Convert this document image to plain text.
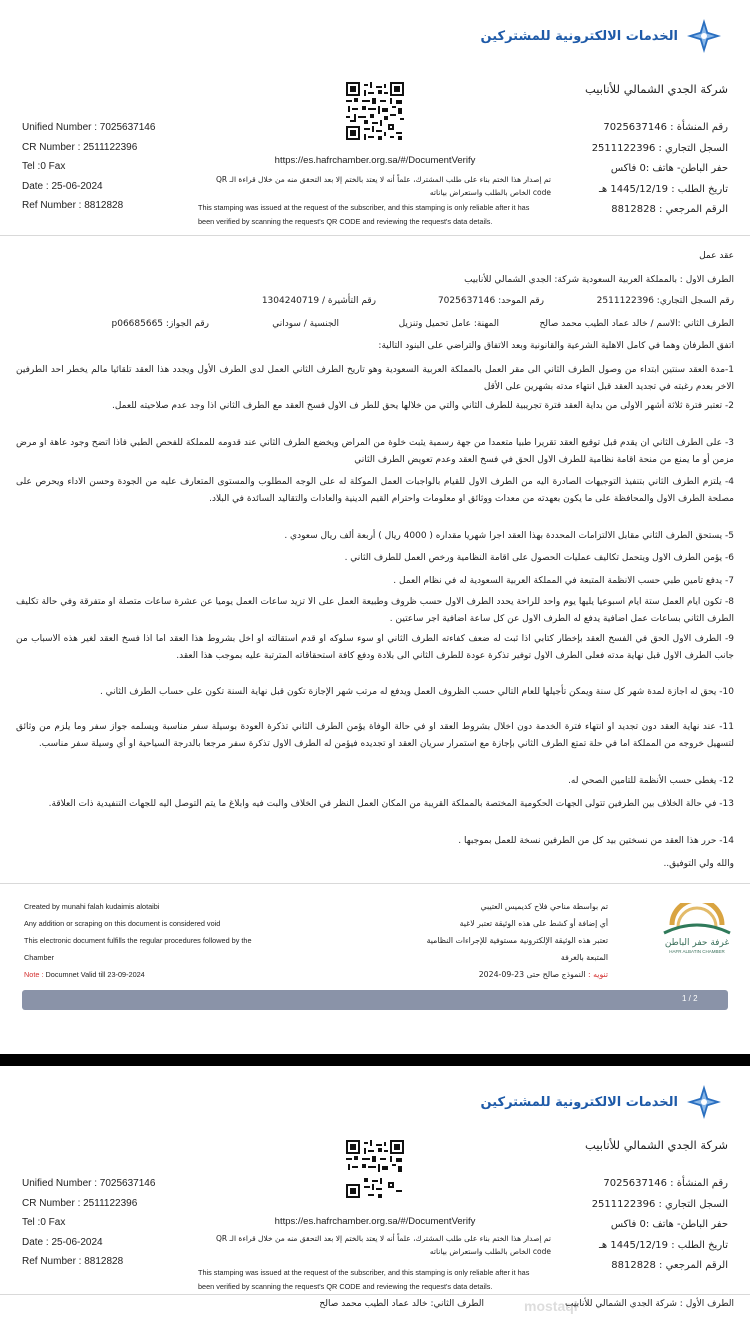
الخدمات الالكترونية للمشتركين
شركة الجدي الشمالي للأنابيب
Unified Number : 7025637146
CR Number : 2511122396
Tel :0 Fax
Date : 25-06-2024
Ref Number : 8812828
رقم المنشأة : 7025637146
السجل التجاري : 2511122396
حفر الباطن- هاتف :0 فاكس
تاريخ الطلب : 1445/12/19 هـ
الرقم المرجعي : 8812828
https://es.hafrchamber.org.sa/#/DocumentVerify
تم إصدار هذا الختم بناء على طلب المشترك، علماً أنه لا يعتد بالختم إلا بعد التحقق منه من خلال قراءة الـ QR
code الخاص بالطلب واستعراض بياناته
This stamping was issued at the request of the subscriber, and this stamping is only reliable after it has
been verified by scanning the request's QR CODE and reviewing the request's data details.
عقد عمل
الطرف الاول : بالمملكة العربية السعودية شركة: الجدي الشمالي للأنابيب
رقم السجل التجاري: 2511122396
رقم الموحد: 7025637146
رقم التأشيرة / 1304240719
الطرف الثاني :الاسم / خالد عماد الطيب محمد صالح
المهنة: عامل تحميل وتنزيل
الجنسية / سوداني
رقم الجواز: p06685665
اتفق الطرفان وهما في كامل الاهلية الشرعية والقانونية وبعد الاتفاق والتراضي على البنود التالية:
1-مدة العقد سنتين ابتداء من وصول الطرف الثاني الى مقر العمل بالمملكة العربية السعودية وهو تاريخ الطرف الثاني العمل لدى الطرف الأول ويجدد هذا العقد تلقائيا مالم يخطر احد الطرفين الاخر بعدم رغبته في تجديد العقد قبل انتهاء مدته بشهرين على الأقل
2- تعتبر فترة ثلاثة أشهر الاولى من بداية العقد فترة تجريبية للطرف الثاني والتي من خلالها يحق للطر ف الاول فسخ العقد مع الطرف الثاني اذا وجد عدم صلاحيته للعمل.
3- على الطرف الثاني ان يقدم قبل توقيع العقد تقريرا طبيا متعمدا من جهة رسمية يثبت خلوة من المراض ويخضع الطرف الثاني عند قدومه للمملكة للفحص الطبي فاذا اتضح وجود عاهة او مرض مزمن أو ما يمنع من منحة اقامة نظامية للطرف الاول الحق في فسخ العقد وعدم تعويض الطرف الثاني
4- يلتزم الطرف الثاني بتنفيذ التوجيهات الصادرة اليه من الطرف الاول للقيام بالواجبات العمل الموكلة له على الوجه المطلوب والمستوى المتعارف عليه من الجودة وحسن الاداء ويحرص على مصلحة الطرف الاول والمحافظة على ما يكون بعهدته من معدات ووثائق او معلومات واحترام القيم الدينية والعادات والتقاليد السائدة في البلاد.
5- يستحق الطرف الثاني مقابل الالتزامات المحددة بهذا العقد اجرا شهريا مقداره ( 4000 ريال ) أربعة ألف ريال سعودي .
6- يؤمن الطرف الاول ويتحمل تكاليف عمليات الحصول على اقامة النظامية ورخص العمل للطرف الثاني .
7- يدفع تامين طبي حسب الانظمة المتبعة في المملكة العربية السعودية له في نظام العمل .
8- تكون ايام العمل ستة ايام اسبوعيا يليها يوم واحد للراحة يحدد الطرف الاول حسب ظروف وطبيعة العمل على الا تزيد ساعات العمل يوميا عن عشرة ساعات متصلة او متفرقة وفي حالة تكليف الطرف الثاني بساعات عمل اضافية يدفع له الطرف الاول عن كل ساعة اضافية اجر ساعتين .
9- الطرف الاول الحق في الفسخ العقد بإخطار كتابي اذا ثبت له ضعف كفاءته الطرف الثاني او سوء سلوكه او قدم استقالته او اخل بشروط هذا العقد اما اذا فسخ العقد لغير هذه الاسباب من جانب الطرف الاول قبل نهاية مدته فعلى الطرف الاول توفير تذكرة عودة للطرف الثاني الى بلادة ودفع كافة استحقاقاته المترتبة عليه بموجب هذا العقد.
10- يحق له اجازة لمدة شهر كل سنة ويمكن تأجيلها للعام التالي حسب الظروف العمل ويدفع له مرتب شهر الإجازة تكون قبل نهاية السنة تكون على حساب الطرف الثاني .
11- عند نهاية العقد دون تجديد او انتهاء فترة الخدمة دون اخلال بشروط العقد او في حالة الوفاة يؤمن الطرف الثاني تذكرة العودة بوسيلة سفر مناسبة ويسلمه جواز سفر وما يلزم من وثائق لتسهيل خروجه من المملكة اما في حلة تمتع الطرف الثاني بإجازة مع استمرار سريان العقد او تجديده فيؤمن له الطرف الاول تذكرة سفر مرجعا بالدرجة السياحية او أي وسيلة سفر مناسب.
12- يغطى حسب الأنظمة للتامين الصحي له.
13- في حالة الخلاف بين الطرفين تتولى الجهات الحكومية المختصة بالمملكة القريبة من المكان العمل النظر في الخلاف والبت فيه وابلاغ ما يتم التوصل اليه للجهات التنفيدية ذات العلاقة.
14- حرر هذا العقد من نسختين بيد كل من الطرفين نسخة للعمل بموجبها .
والله ولي التوفيق..
Created by munahi falah kudaimis alotaibi
Any addition or scraping on this document is considered void
This electronic document fulfills the regular procedures followed by the
Chamber
Note : Documnet Valid till 23-09-2024
تم بواسطة مناحي فلاح كديميس العتيبي
أي إضافة أو كشط على هذه الوثيقة تعتبر لاغية
تعتبر هذه الوثيقة الإلكترونية مستوفية للإجراءات النظامية المتبعة بالغرفة
تنويه : النموذج صالح حتى 23-09-2024
غرفة حفر الباطن
HAFR ALBATIN CHAMBER
1 / 2
الخدمات الالكترونية للمشتركين
شركة الجدي الشمالي للأنابيب
Unified Number : 7025637146
CR Number : 2511122396
Tel :0 Fax
Date : 25-06-2024
Ref Number : 8812828
رقم المنشأة : 7025637146
السجل التجاري : 2511122396
حفر الباطن- هاتف :0 فاكس
تاريخ الطلب : 1445/12/19 هـ
الرقم المرجعي : 8812828
https://es.hafrchamber.org.sa/#/DocumentVerify
تم إصدار هذا الختم بناء على طلب المشترك، علماً أنه لا يعتد بالختم إلا بعد التحقق منه من خلال قراءة الـ QR
code الخاص بالطلب واستعراض بياناته
This stamping was issued at the request of the subscriber, and this stamping is only reliable after it has
been verified by scanning the request's QR CODE and reviewing the request's data details.
الطرف الأول : شركة الجدي الشمالي للأنابيب
الطرف الثاني: خالد عماد الطيب محمد صالح	mostaql
